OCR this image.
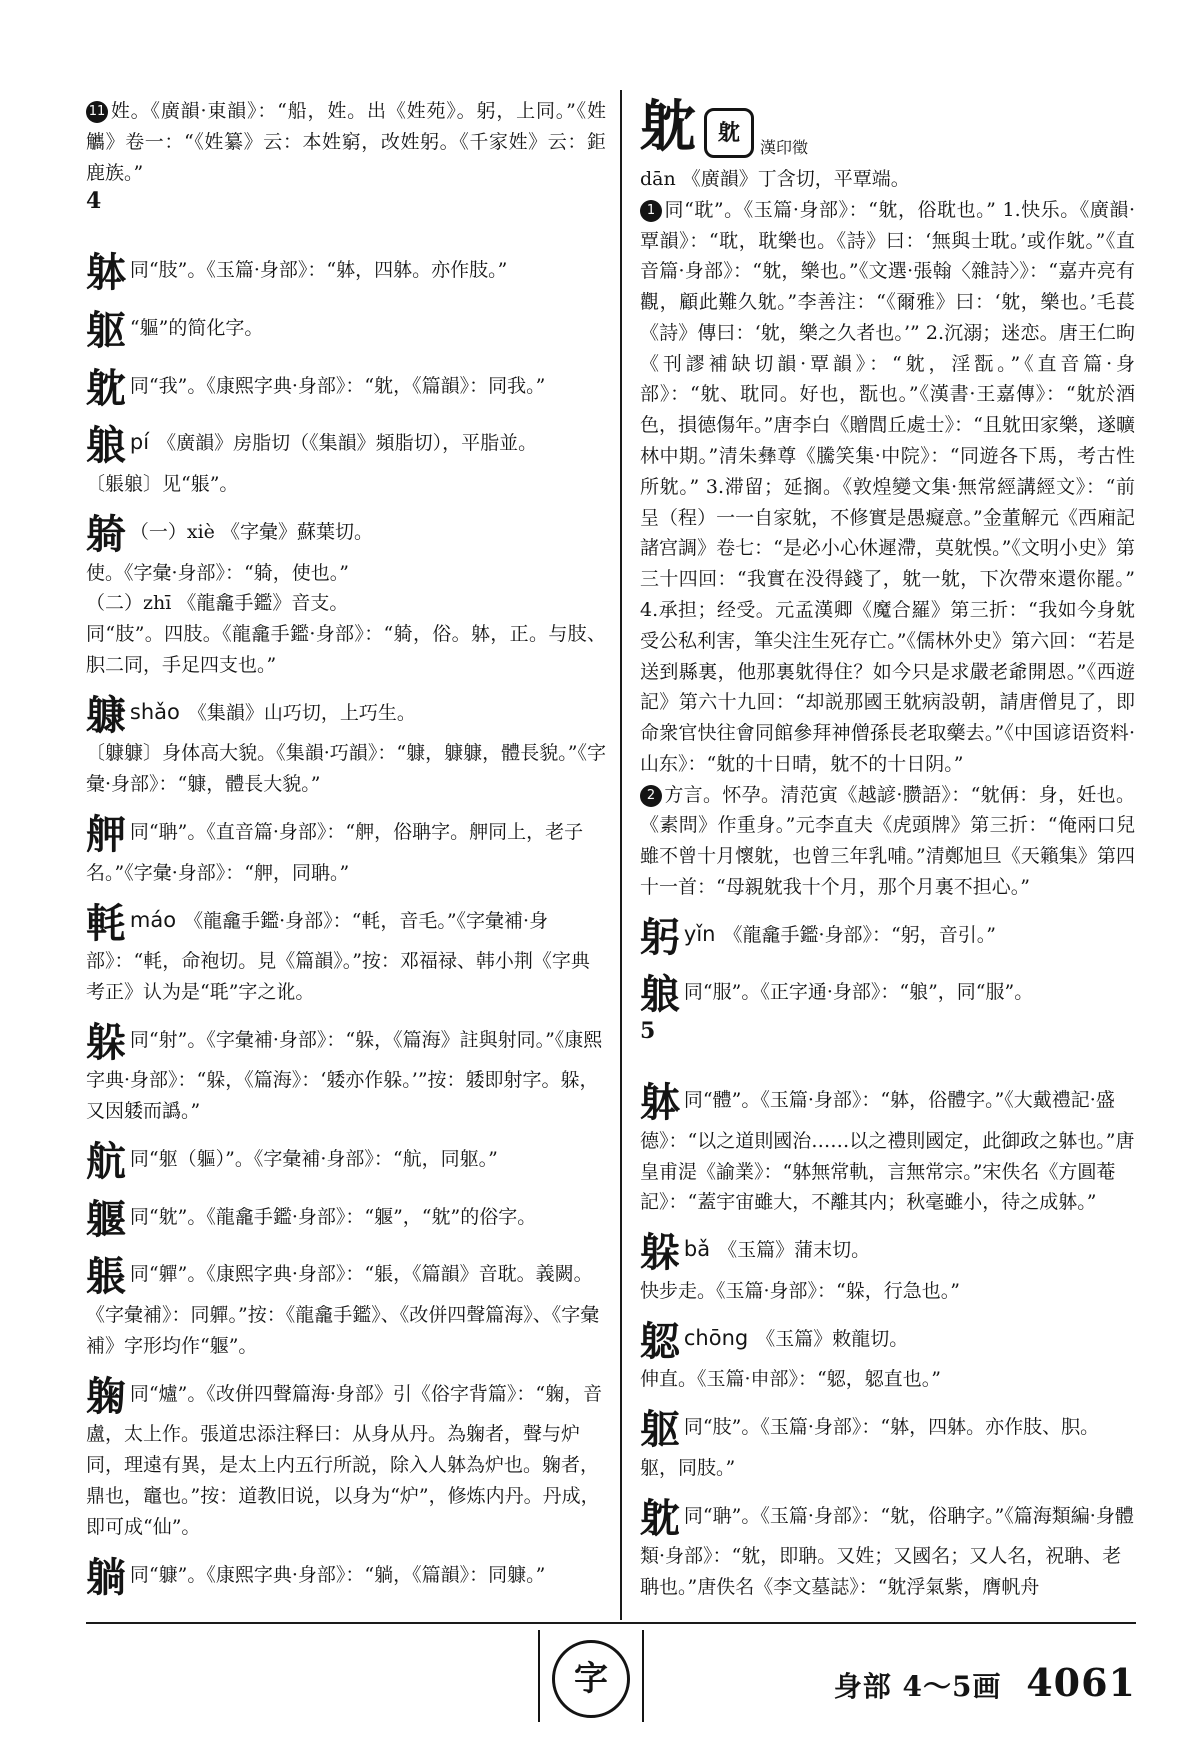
11 姓。《廣韻·東韻》：“船，姓。出《姓苑》。躬，上同。”《姓觿》卷一：“《姓纂》云：本姓窮，改姓躬。《千家姓》云：鉅鹿族。”

4

躰同“肢”。《玉篇·身部》：“躰，四躰。亦作肢。”

躯 “軀”的简化字。

躭同“我”。《康熙字典·身部》：“躭，《篇韻》：同我。”

躴pí 《廣韻》房脂切（《集韻》頻脂切），平脂並。

〔躼躴〕见“躼”。

躸 （一）xiè 《字彙》蘇葉切。

使。《字彙·身部》：“躸，使也。”

（二）zhī 《龍龕手鑑》音支。

同“肢”。四肢。《龍龕手鑑·身部》：“躸，俗。躰，正。与肢、胑二同，手足四支也。”

躿shǎo 《集韻》山巧切，上巧生。

〔躿躿〕身体高大貌。《集韻·巧韻》：“躿，躿躿，體長貌。”《字彙·身部》：“躿，體長大貌。”

舺同“聃”。《直音篇·身部》：“舺，俗聃字。舺同上，老子名。”《字彙·身部》：“舺，同聃。”

軞máo 《龍龕手鑑·身部》：“軞，音毛。”《字彙補·身部》：“軞，命袍切。見《篇韻》。”按：邓福禄、韩小荆《字典考正》认为是“毦”字之讹。

躲同“射”。《字彙補·身部》：“躲，《篇海》註與射同。”《康熙字典·身部》：“躲，《篇海》：‘躷亦作躲。’”按：躷即射字。躲，又因躷而譌。”

航同“躯（軀）”。《字彙補·身部》：“航，同躯。”

躽同“躭”。《龍龕手鑑·身部》：“躽”，“躭”的俗字。

躼同“軃”。《康熙字典·身部》：“躼，《篇韻》音耽。義闕。《字彙補》：同軃。”按：《龍龕手鑑》、《改併四聲篇海》、《字彙補》字形均作“躽”。

躹同“爐”。《改併四聲篇海·身部》引《俗字背篇》：“躹，音盧，太上作。張道忠添注释曰：从身从丹。為躹者，聲与炉同，理遠有異，是太上内五行所説，除入人躰為炉也。躹者，鼎也，竈也。”按：道教旧说，以身为“炉”，修炼内丹。丹成，即可成“仙”。

躺同“躿”。《康熙字典·身部》：“躺，《篇韻》：同躿。”

躭 躭
漢印徵

dān 《廣韻》丁含切，平覃端。

1 同“耽”。《玉篇·身部》：“躭，俗耽也。” 1.快乐。《廣韻·覃韻》：“耽，耽樂也。《詩》曰：‘無與士耽。’或作躭。”《直音篇·身部》：“躭，樂也。”《文選·張翰〈雜詩〉》：“嘉卉亮有觀，顧此難久躭。”李善注：“《爾雅》曰：‘躭，樂也。’毛萇《詩》傳曰：‘躭，樂之久者也。’” 2.沉溺；迷恋。唐王仁昫《刊謬補缺切韻·覃韻》：“躭，淫翫。”《直音篇·身部》：“躭、耽同。好也，翫也。”《漢書·王嘉傳》：“躭於酒色，損德傷年。”唐李白《贈閭丘處士》：“且躭田家樂，遂曠林中期。”清朱彝尊《騰笑集·中院》：“同遊各下馬，考古性所躭。” 3.滞留；延搁。《敦煌變文集·無常經講經文》：“前呈（程）一一自家躭，不修實是愚癡意。”金董解元《西廂記諸宫調》卷七：“是必小心休遲滯，莫躭悞。”《文明小史》第三十四回：“我實在没得錢了，躭一躭，下次帶來還你罷。” 4.承担；经受。元孟漢卿《魔合羅》第三折：“我如今身躭受公私利害，筆尖注生死存亡。”《儒林外史》第六回：“若是送到縣裏，他那裏躭得住？如今只是求嚴老爺開恩。”《西遊記》第六十九回：“却説那國王躭病設朝，請唐僧見了，即命衆官快往會同館參拜神僧孫長老取藥去。”《中国谚语资料·山东》：“躭的十日晴，躭不的十日阴。”

2 方言。怀孕。清范寅《越諺·臜語》：“躭侢：身，妊也。《素問》作重身。”元李直夫《虎頭牌》第三折：“俺兩口兒雖不曾十月懷躭，也曾三年乳哺。”清鄭旭旦《天籟集》第四十一首：“母親躭我十个月，那个月裏不担心。”

躬yǐn 《龍龕手鑑·身部》：“躬，音引。”

躴同“服”。《正字通·身部》：“躴”，同“服”。

5

躰同“體”。《玉篇·身部》：“躰，俗體字。”《大戴禮記·盛德》：“以之道則國治……以之禮則國定，此御政之躰也。”唐皇甫湜《諭業》：“躰無常軌，言無常宗。”宋佚名《方圓菴記》：“蓋宇宙雖大，不離其内；秋毫雖小，待之成躰。”

躲bǎ 《玉篇》蒲末切。

快步走。《玉篇·身部》：“躲，行急也。”

躵chōng 《玉篇》敕龍切。

伸直。《玉篇·申部》：“躵，躵直也。”

躯同“肢”。《玉篇·身部》：“躰，四躰。亦作肢、胑。躯，同肢。”

躭同“聃”。《玉篇·身部》：“躭，俗聃字。”《篇海類編·身體類·身部》：“躭，即聃。又姓；又國名；又人名，祝聃、老聃也。”唐佚名《李文墓誌》：“躭浮氣紫，膺帆舟

字	身部 4～5画 4061
